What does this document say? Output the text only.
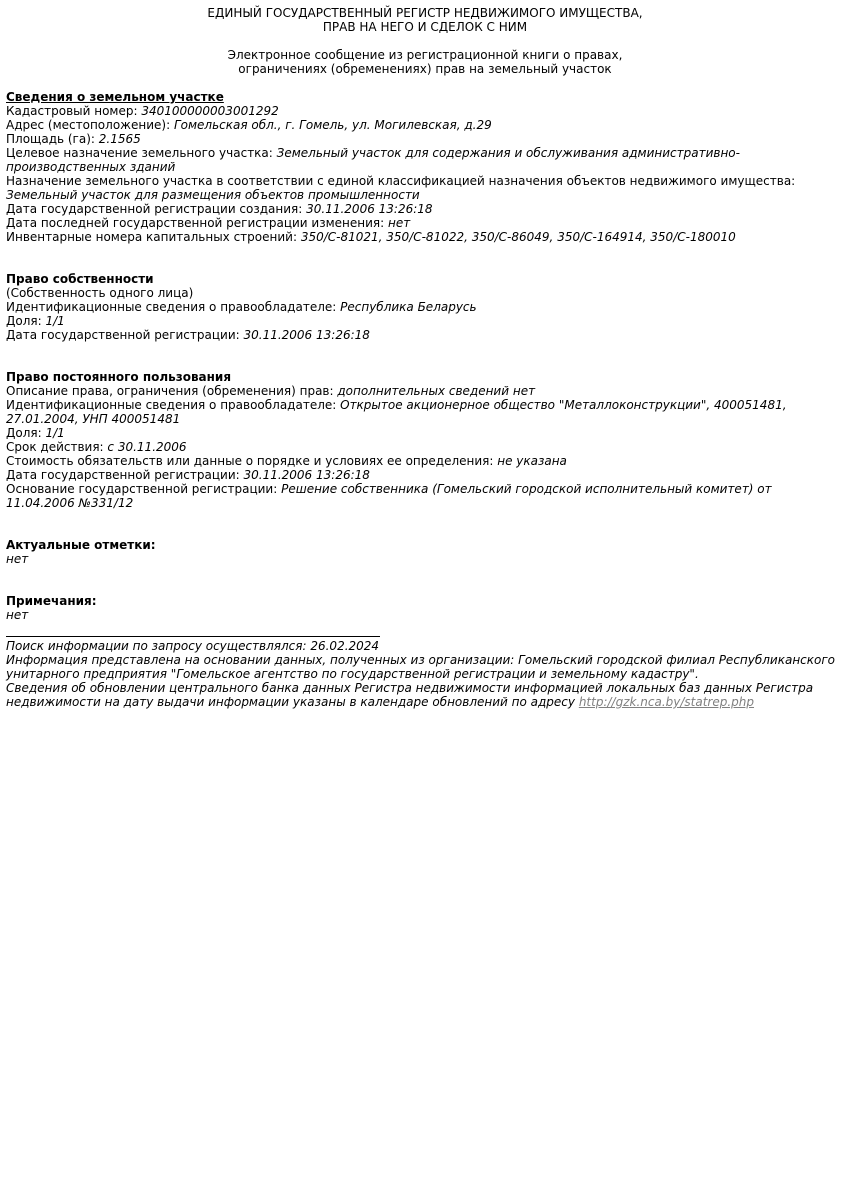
ЕДИНЫЙ ГОСУДАРСТВЕННЫЙ РЕГИСТР НЕДВИЖИМОГО ИМУЩЕСТВА,
ПРАВ НА НЕГО И СДЕЛОК С НИМ
Электронное сообщение из регистрационной книги о правах,
ограничениях (обременениях) прав на земельный участок
Сведения о земельном участке
Кадастровый номер: 340100000003001292
Адрес (местоположение): Гомельская обл., г. Гомель, ул. Могилевская, д.29
Площадь (га): 2.1565
Целевое назначение земельного участка: Земельный участок для содержания и обслуживания административно-производственных зданий
Назначение земельного участка в соответствии с единой классификацией назначения объектов недвижимого имущества: Земельный участок для размещения объектов промышленности
Дата государственной регистрации создания: 30.11.2006 13:26:18
Дата последней государственной регистрации изменения: нет
Инвентарные номера капитальных строений: 350/C-81021, 350/C-81022, 350/C-86049, 350/C-164914, 350/C-180010
Право собственности
(Собственность одного лица)
Идентификационные сведения о правообладателе: Республика Беларусь
Доля: 1/1
Дата государственной регистрации: 30.11.2006 13:26:18
Право постоянного пользования
Описание права, ограничения (обременения) прав: дополнительных сведений нет
Идентификационные сведения о правообладателе: Открытое акционерное общество "Металлоконструкции", 400051481, 27.01.2004, УНП 400051481
Доля: 1/1
Срок действия: с 30.11.2006
Стоимость обязательств или данные о порядке и условиях ее определения: не указана
Дата государственной регистрации: 30.11.2006 13:26:18
Основание государственной регистрации: Решение собственника (Гомельский городской исполнительный комитет) от 11.04.2006 №331/12
Актуальные отметки:
нет
Примечания:
нет
Поиск информации по запросу осуществлялся: 26.02.2024
Информация представлена на основании данных, полученных из организации: Гомельский городской филиал Республиканского унитарного предприятия "Гомельское агентство по государственной регистрации и земельному кадастру".
Сведения об обновлении центрального банка данных Регистра недвижимости информацией локальных баз данных Регистра недвижимости на дату выдачи информации указаны в календаре обновлений по адресу http://gzk.nca.by/statrep.php
